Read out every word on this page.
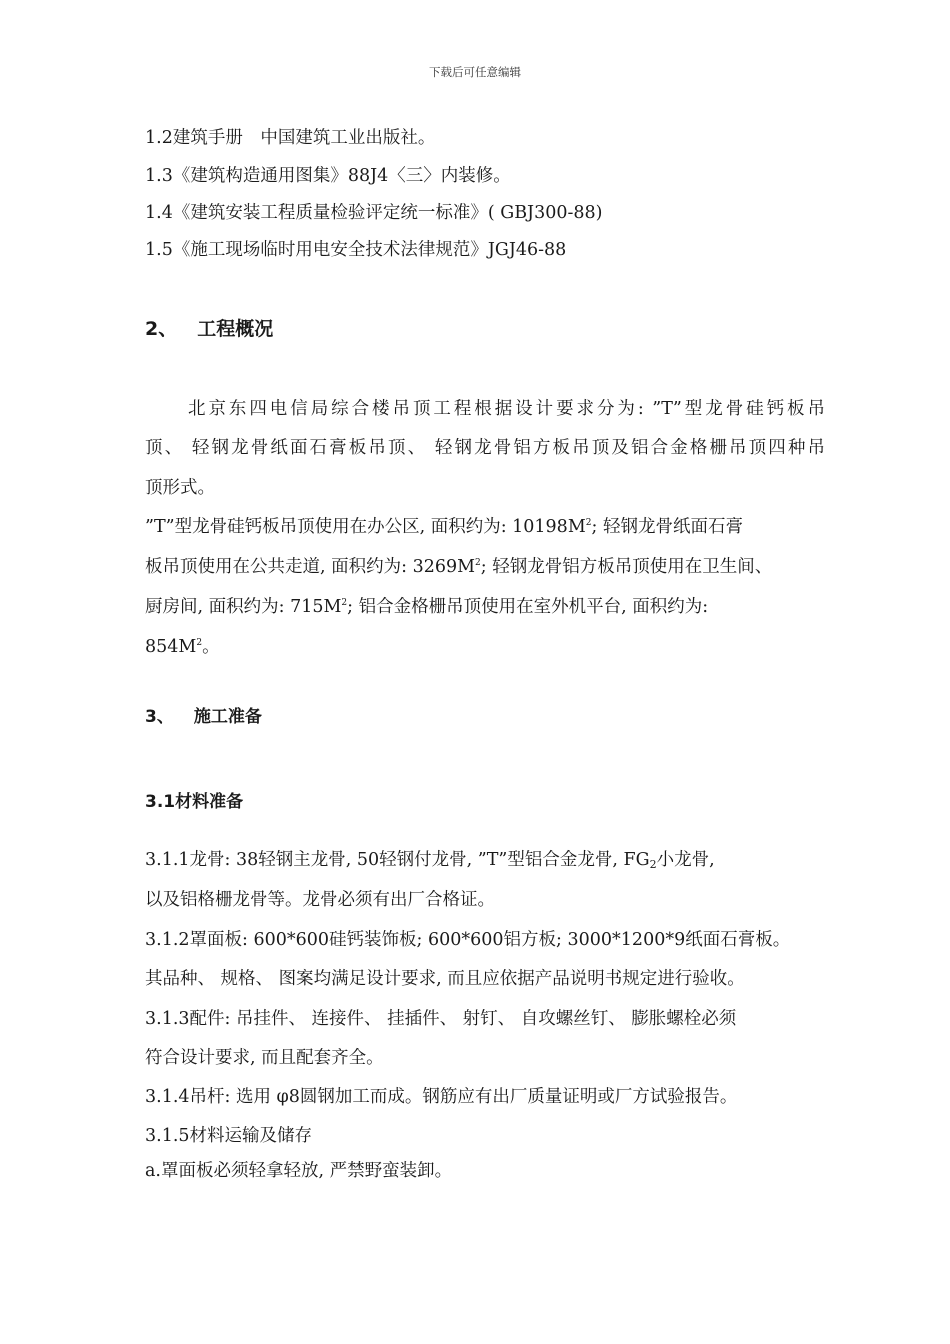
下载后可任意编辑
1.2建筑手册　中国建筑工业出版社。
1.3《建筑构造通用图集》88J4〈三〉内装修。
1.4《建筑安装工程质量检验评定统一标准》( GBJ300-88)
1.5《施工现场临时用电安全技术法律规范》JGJ46-88
2、 工程概况
北京东四电信局综合楼吊顶工程根据设计要求分为: ”T”型龙骨硅钙板吊
顶、 轻钢龙骨纸面石膏板吊顶、 轻钢龙骨铝方板吊顶及铝合金格栅吊顶四种吊
顶形式。
”T”型龙骨硅钙板吊顶使用在办公区, 面积约为: $10198M^2$; 轻钢龙骨纸面石膏
板吊顶使用在公共走道, 面积约为: $3269M^2$; 轻钢龙骨铝方板吊顶使用在卫生间、
厨房间, 面积约为: $715M^2$; 铝合金格栅吊顶使用在室外机平台, 面积约为:
$854M^2$。
3、 施工准备
3.1材料准备
3.1.1龙骨: 38轻钢主龙骨, 50轻钢付龙骨, ”T”型铝合金龙骨, $FG_2$小龙骨,
以及铝格栅龙骨等。龙骨必须有出厂合格证。
3.1.2罩面板: 600*600硅钙装饰板; 600*600铝方板; 3000*1200*9纸面石膏板。
其品种、 规格、 图案均满足设计要求, 而且应依据产品说明书规定进行验收。
3.1.3配件: 吊挂件、 连接件、 挂插件、 射钉、 自攻螺丝钉、 膨胀螺栓必须
符合设计要求, 而且配套齐全。
3.1.4吊杆: 选用 φ8圆钢加工而成。钢筋应有出厂质量证明或厂方试验报告。
3.1.5材料运输及储存
a.罩面板必须轻拿轻放, 严禁野蛮装卸。
